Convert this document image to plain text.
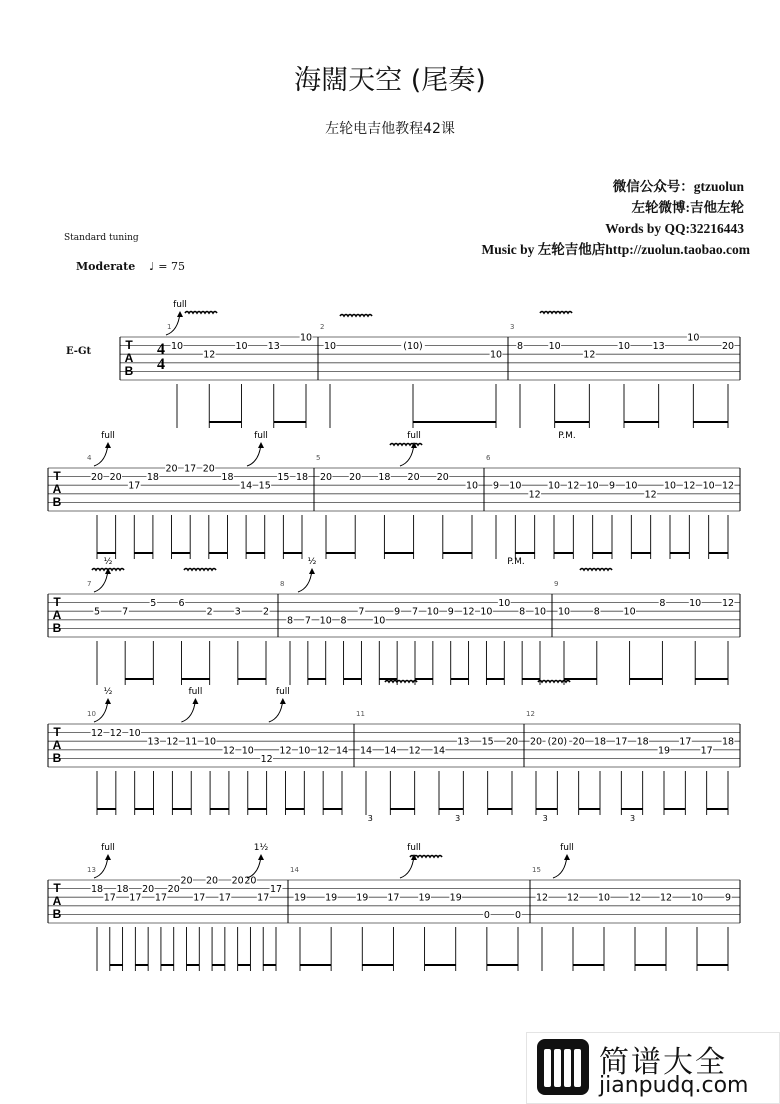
海闊天空 (尾奏)
左轮电吉他教程42课
微信公众号：gtzuolun
左轮微博:吉他左轮
Words by QQ:32216443
Music by 左轮吉他店http://zuolun.taobao.com
Standard tuning
Moderate ♩ = 75
E-Gt	T
A
B
4
4
1
10
12
10 13
10
2
10	(10)
10
3
8	10
12
10 13
10
20
full
T
A
B
4
20 20
17
18
20 17 20
18
14 15
15 18
5
20 20 18 20 20
10
6
9 10
12
10 12 10 9 10
12
10 12 10 12
full	full	full	P.M.
T
A
B
7
5 7
5 6
2 3 2
8
8 7 10 8
7
10
9 7 10 9 12 10
10
8 10
9
10 8 10
8 10 12
½	½	P.M.
T
A
B
10
12 12 10
13 12 11 10
12 10
12
12 10 12 14
11
14 14 12 14
13 15 20
12
20 (20) 20 18 17 18
19
17
17
18
½	full	full
3	3	3	3
T
A
B
13
18
17
18
17
20
17
20
20
17
20
17
20 20
17
17
14
19 19 19 17 19 19
0	0
15
12 12 10 12 12 10 9
full	1½	full	full
简谱大全
jianpudq.com
